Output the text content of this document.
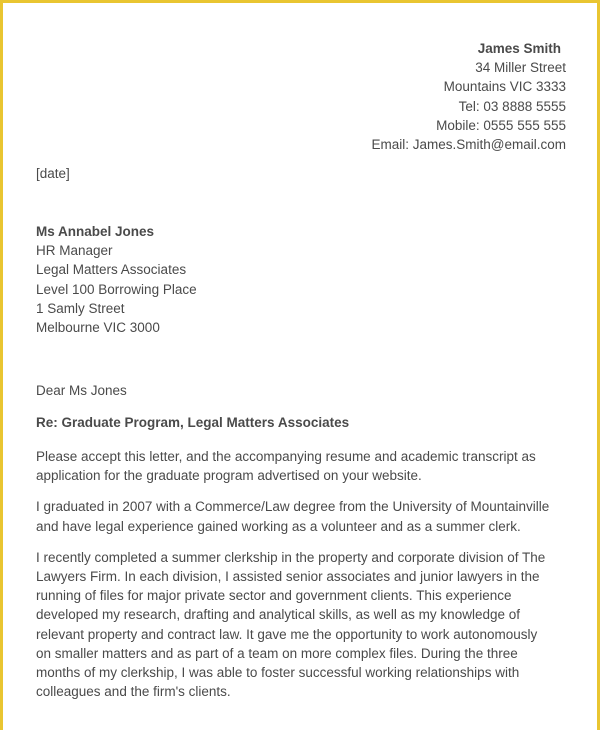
James Smith
34 Miller Street
Mountains VIC 3333
Tel: 03 8888 5555
Mobile: 0555 555 555
Email: James.Smith@email.com
[date]
Ms Annabel Jones
HR Manager
Legal Matters Associates
Level 100 Borrowing Place
1 Samly Street
Melbourne VIC 3000
Dear Ms Jones
Re: Graduate Program, Legal Matters Associates

Please accept this letter, and the accompanying resume and academic transcript as
application for the graduate program advertised on your website.

I graduated in 2007 with a Commerce/Law degree from the University of Mountainville
and have legal experience gained working as a volunteer and as a summer clerk.

I recently completed a summer clerkship in the property and corporate division of The
Lawyers Firm. In each division, I assisted senior associates and junior lawyers in the
running of files for major private sector and government clients. This experience
developed my research, drafting and analytical skills, as well as my knowledge of
relevant property and contract law. It gave me the opportunity to work autonomously
on smaller matters and as part of a team on more complex files. During the three
months of my clerkship, I was able to foster successful working relationships with
colleagues and the firm's clients.
